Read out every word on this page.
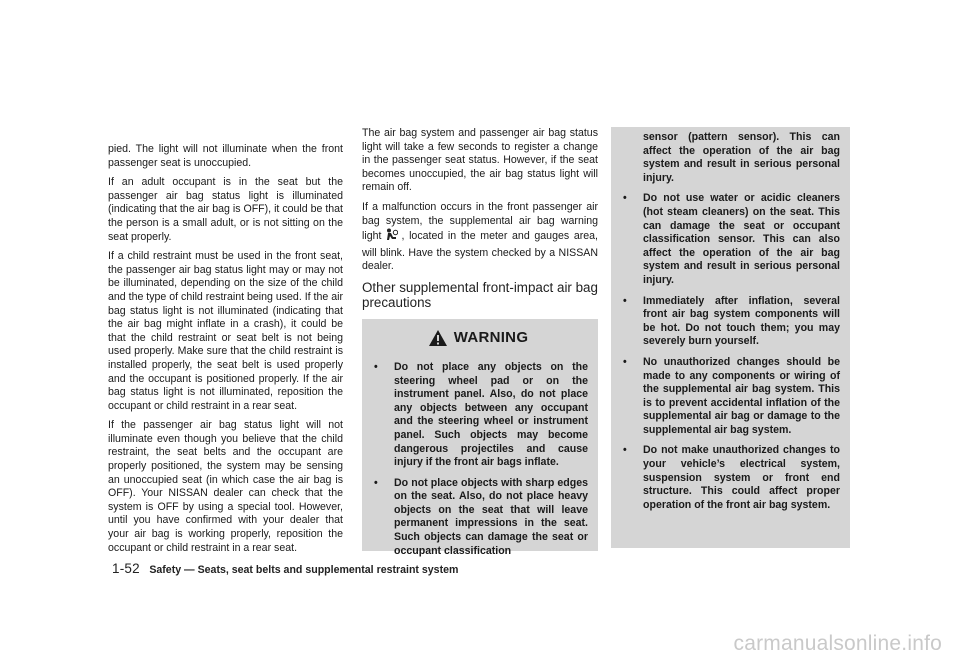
pied. The light will not illuminate when the front passenger seat is unoccupied.

If an adult occupant is in the seat but the passenger air bag status light is illuminated (indicating that the air bag is OFF), it could be that the person is a small adult, or is not sitting on the seat properly.

If a child restraint must be used in the front seat, the passenger air bag status light may or may not be illuminated, depending on the size of the child and the type of child restraint being used. If the air bag status light is not illuminated (indicating that the air bag might inflate in a crash), it could be that the child restraint or seat belt is not being used properly. Make sure that the child restraint is installed properly, the seat belt is used properly and the occupant is positioned properly. If the air bag status light is not illuminated, reposition the occupant or child restraint in a rear seat.

If the passenger air bag status light will not illuminate even though you believe that the child restraint, the seat belts and the occupant are properly positioned, the system may be sensing an unoccupied seat (in which case the air bag is OFF). Your NISSAN dealer can check that the system is OFF by using a special tool. However, until you have confirmed with your dealer that your air bag is working properly, reposition the occupant or child restraint in a rear seat.

The air bag system and passenger air bag status light will take a few seconds to register a change in the passenger seat status. However, if the seat becomes unoccupied, the air bag status light will remain off.

If a malfunction occurs in the front passenger air bag system, the supplemental air bag warning light , located in the meter and gauges area, will blink. Have the system checked by a NISSAN dealer.

Other supplemental front-impact air bag precautions
WARNING
• Do not place any objects on the steering wheel pad or on the instrument panel. Also, do not place any objects between any occupant and the steering wheel or instrument panel. Such objects may become dangerous projectiles and cause injury if the front air bags inflate.
• Do not place objects with sharp edges on the seat. Also, do not place heavy objects on the seat that will leave permanent impressions in the seat. Such objects can damage the seat or occupant classification
sensor (pattern sensor). This can affect the operation of the air bag system and result in serious personal injury.
• Do not use water or acidic cleaners (hot steam cleaners) on the seat. This can damage the seat or occupant classification sensor. This can also affect the operation of the air bag system and result in serious personal injury.
• Immediately after inflation, several front air bag system components will be hot. Do not touch them; you may severely burn yourself.
• No unauthorized changes should be made to any components or wiring of the supplemental air bag system. This is to prevent accidental inflation of the supplemental air bag or damage to the supplemental air bag system.
• Do not make unauthorized changes to your vehicle’s electrical system, suspension system or front end structure. This could affect proper operation of the front air bag system.
1-52 Safety — Seats, seat belts and supplemental restraint system
carmanualsonline.info
